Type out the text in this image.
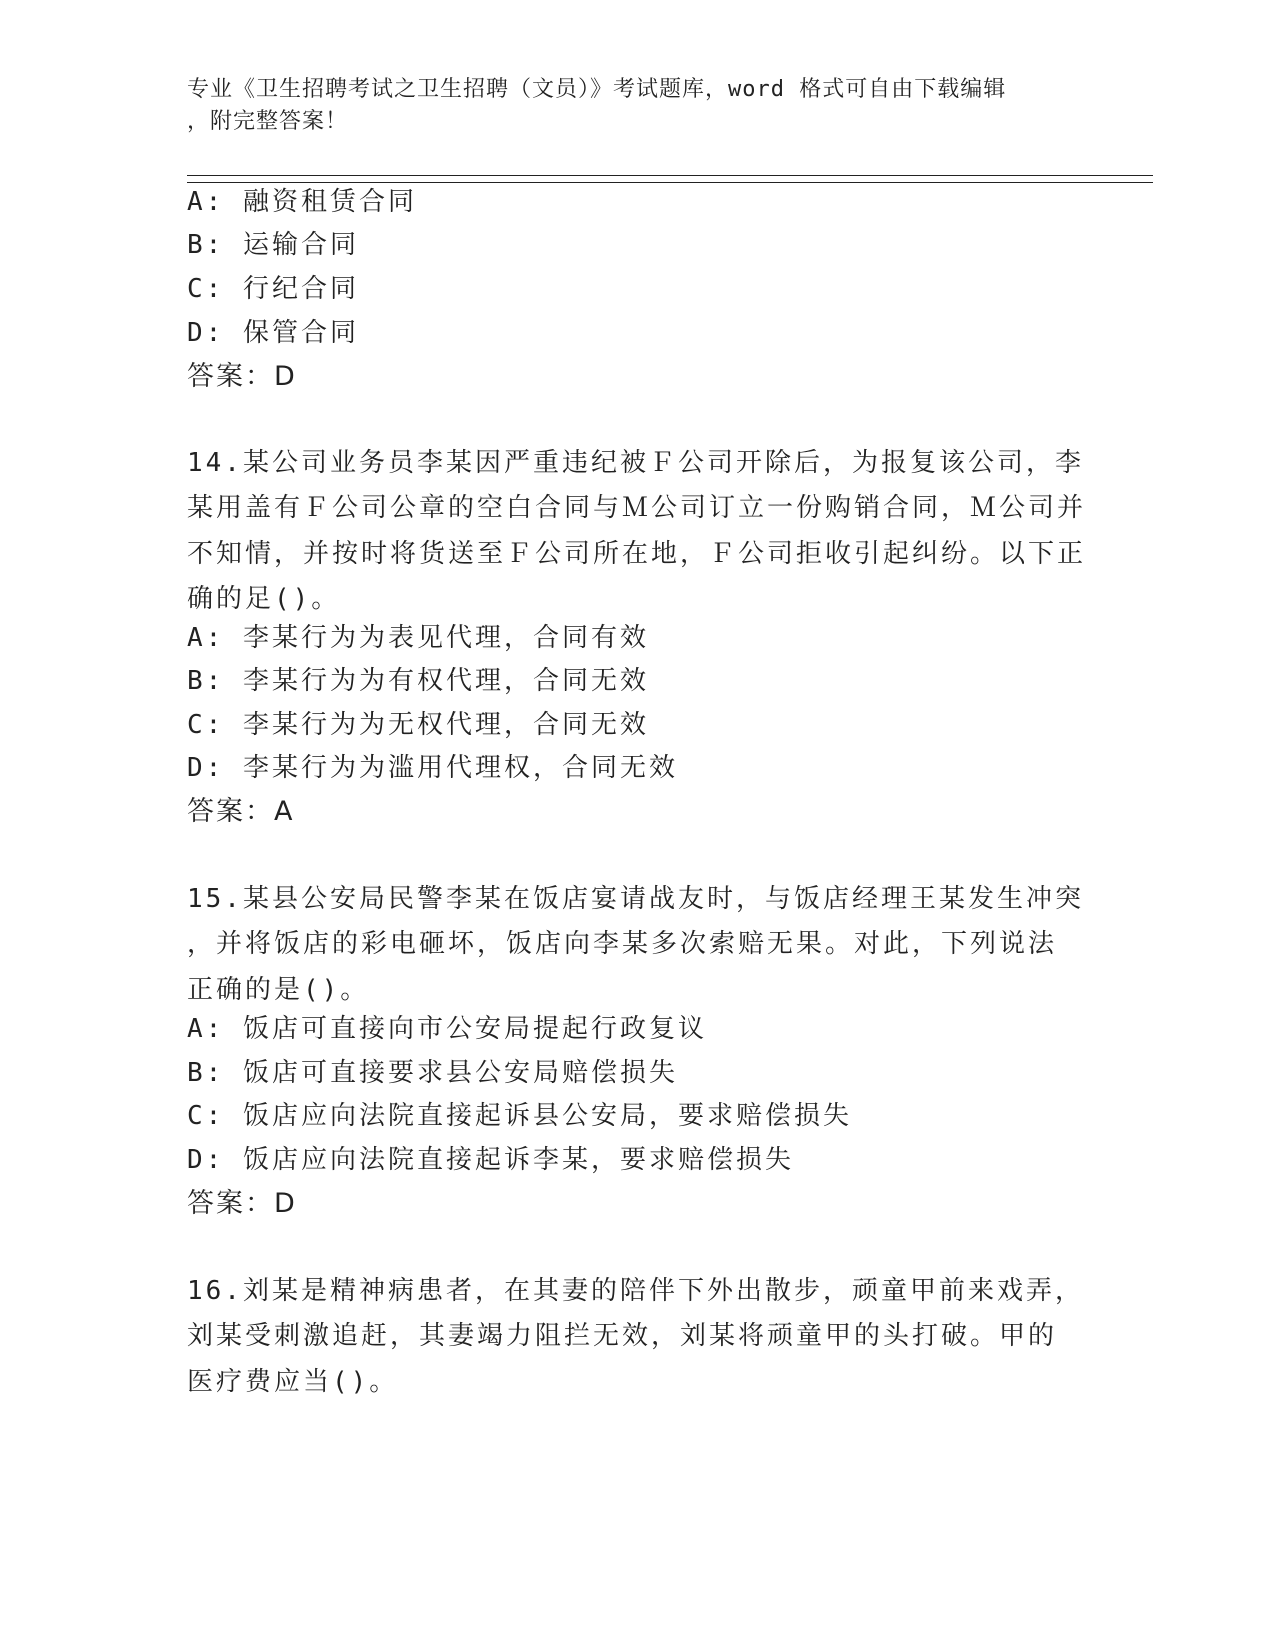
专业《卫生招聘考试之卫生招聘（文员）》考试题库，word 格式可自由下载编辑
，附完整答案！
A: 融资租赁合同
B: 运输合同
C: 行纪合同
D: 保管合同
答案：D
14.某公司业务员李某因严重违纪被Ｆ公司开除后，为报复该公司，李
某用盖有Ｆ公司公章的空白合同与Ｍ公司订立一份购销合同，Ｍ公司并
不知情，并按时将货送至Ｆ公司所在地，Ｆ公司拒收引起纠纷。以下正
确的足()。
A: 李某行为为表见代理，合同有效
B: 李某行为为有权代理，合同无效
C: 李某行为为无权代理，合同无效
D: 李某行为为滥用代理权，合同无效
答案：A
15.某县公安局民警李某在饭店宴请战友时，与饭店经理王某发生冲突
，并将饭店的彩电砸坏，饭店向李某多次索赔无果。对此，下列说法
正确的是()。
A: 饭店可直接向市公安局提起行政复议
B: 饭店可直接要求县公安局赔偿损失
C: 饭店应向法院直接起诉县公安局，要求赔偿损失
D: 饭店应向法院直接起诉李某，要求赔偿损失
答案：D
16.刘某是精神病患者，在其妻的陪伴下外出散步，顽童甲前来戏弄，
刘某受刺激追赶，其妻竭力阻拦无效，刘某将顽童甲的头打破。甲的
医疗费应当()。
